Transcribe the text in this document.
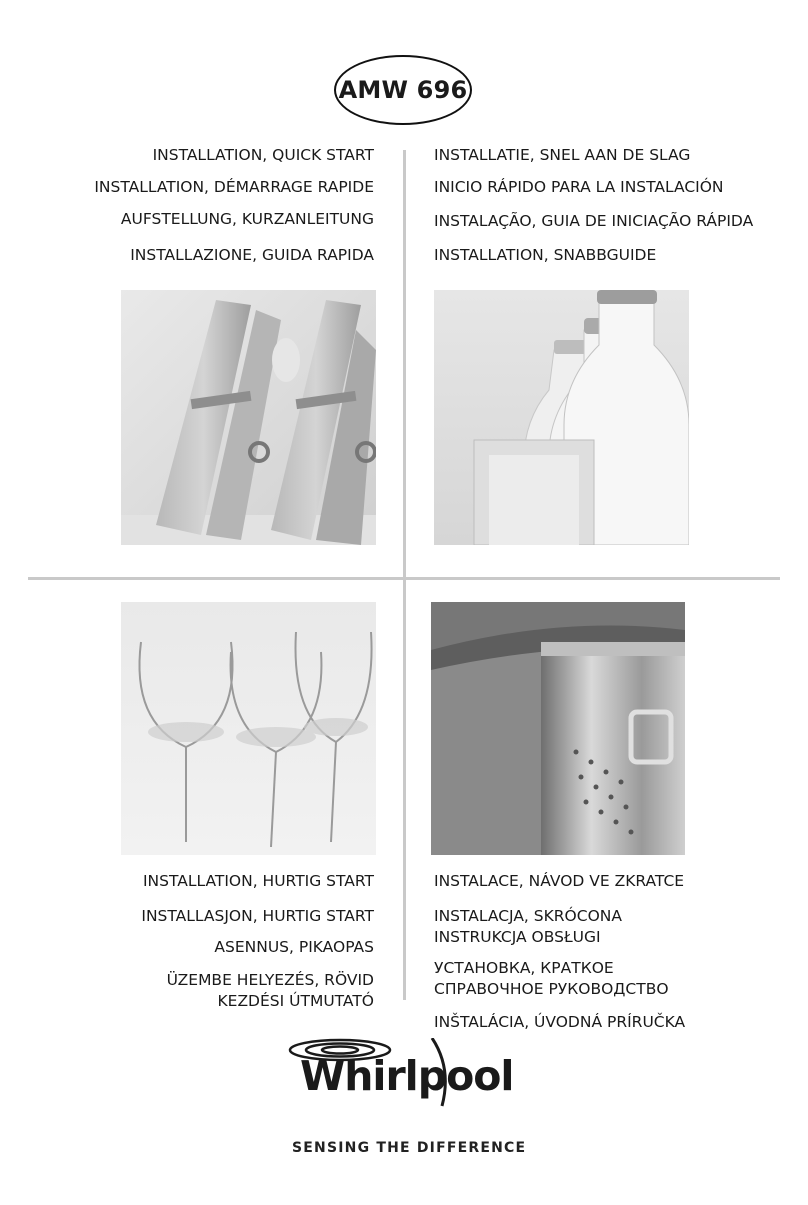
AMW 696
INSTALLATION, QUICK START
INSTALLATION, DÉMARRAGE RAPIDE
AUFSTELLUNG, KURZANLEITUNG
INSTALLAZIONE, GUIDA RAPIDA
INSTALLATIE, SNEL AAN DE SLAG
INICIO RÁPIDO PARA LA INSTALACIÓN
INSTALAÇÃO, GUIA DE INICIAÇÃO RÁPIDA
INSTALLATION, SNABBGUIDE
INSTALLATION, HURTIG START
INSTALLASJON, HURTIG START
ASENNUS, PIKAOPAS
ÜZEMBE HELYEZÉS, RÖVID
KEZDÉSI ÚTMUTATÓ
INSTALACE, NÁVOD VE ZKRATCE
INSTALACJA, SKRÓCONA
INSTRUKCJA OBSŁUGI
УСТАНОВКА, КРАТКОЕ
СПРАВОЧНОЕ РУКОВОДСТВО
INŠTALÁCIA, ÚVODNÁ PRÍRUČKA
Whirlpool
SENSING THE DIFFERENCE
